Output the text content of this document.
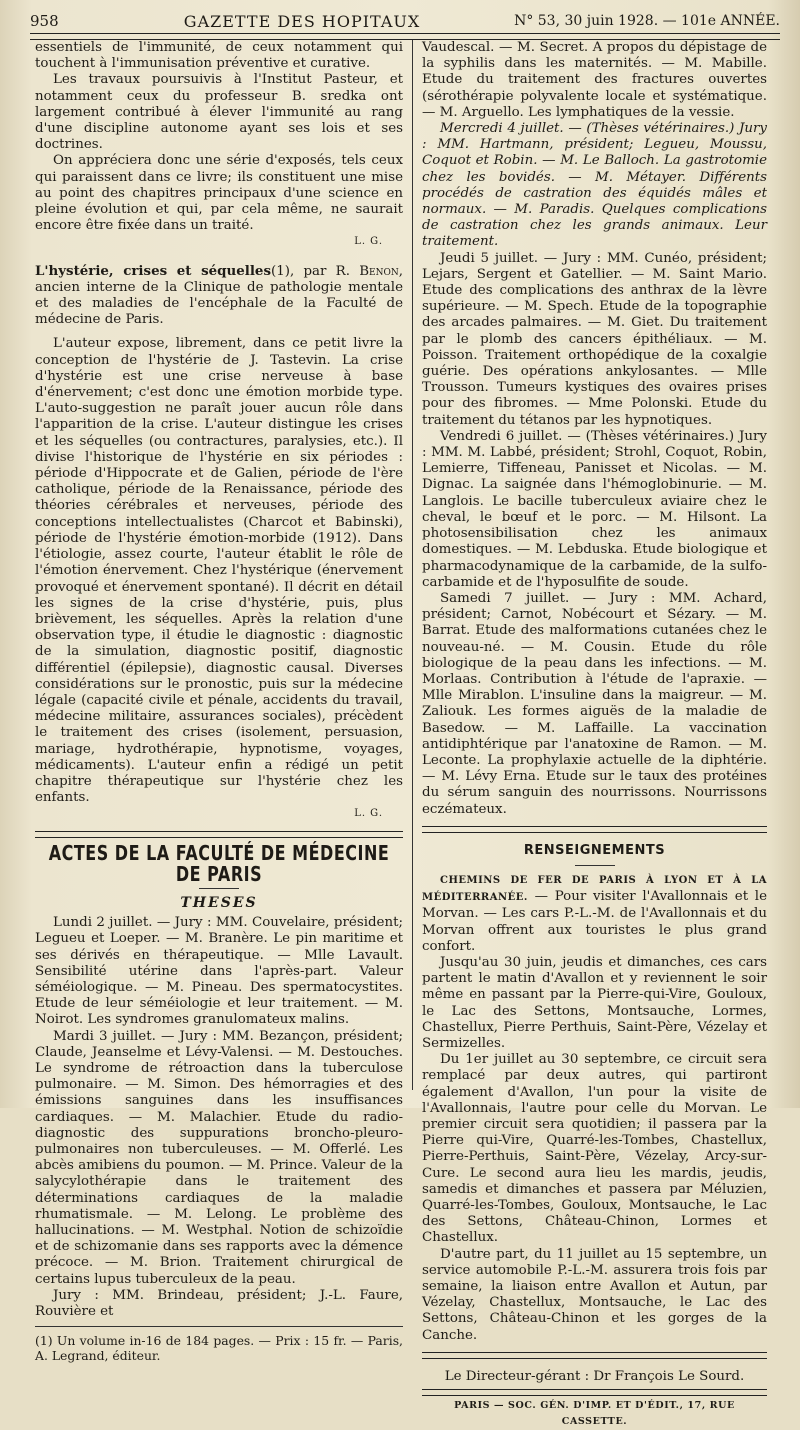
958	GAZETTE DES HOPITAUX	N° 53, 30 juin 1928. — 101e ANNÉE.

essentiels de l'immunité, de ceux notamment qui touchent à l'immunisation préventive et curative.

Les travaux poursuivis à l'Institut Pasteur, et notamment ceux du professeur B. sredka ont largement contribué à élever l'immunité au rang d'une discipline autonome ayant ses lois et ses doctrines.

On appréciera donc une série d'exposés, tels ceux qui paraissent dans ce livre; ils constituent une mise au point des chapitres principaux d'une science en pleine évolution et qui, par cela même, ne saurait encore être fixée dans un traité.

L. G.

L'hystérie, crises et séquelles(1), par R. Benon, ancien interne de la Clinique de pathologie mentale et des maladies de l'encéphale de la Faculté de médecine de Paris.

L'auteur expose, librement, dans ce petit livre la conception de l'hystérie de J. Tastevin. La crise d'hystérie est une crise nerveuse à base d'énervement; c'est donc une émotion morbide type. L'auto-suggestion ne paraît jouer aucun rôle dans l'apparition de la crise. L'auteur distingue les crises et les séquelles (ou contractures, paralysies, etc.). Il divise l'historique de l'hystérie en six périodes : période d'Hippocrate et de Galien, période de l'ère catholique, période de la Renaissance, période des théories cérébrales et nerveuses, période des conceptions intellectualistes (Charcot et Babinski), période de l'hystérie émotion-morbide (1912). Dans l'étiologie, assez courte, l'auteur établit le rôle de l'émotion énervement. Chez l'hystérique (énervement provoqué et énervement spontané). Il décrit en détail les signes de la crise d'hystérie, puis, plus brièvement, les séquelles. Après la relation d'une observation type, il étudie le diagnostic : diagnostic de la simulation, diagnostic positif, diagnostic différentiel (épilepsie), diagnostic causal. Diverses considérations sur le pronostic, puis sur la médecine légale (capacité civile et pénale, accidents du travail, médecine militaire, assurances sociales), précèdent le traitement des crises (isolement, persuasion, mariage, hydrothérapie, hypnotisme, voyages, médicaments). L'auteur enfin a rédigé un petit chapitre thérapeutique sur l'hystérie chez les enfants.

L. G.

ACTES DE LA FACULTÉ DE MÉDECINE DE PARIS
THESES

Lundi 2 juillet. — Jury : MM. Couvelaire, président; Legueu et Loeper. — M. Branère. Le pin maritime et ses dérivés en thérapeutique. — Mlle Lavault. Sensibilité utérine dans l'après-part. Valeur séméiologique. — M. Pineau. Des spermatocystites. Etude de leur séméiologie et leur traitement. — M. Noirot. Les syndromes granulomateux malins.

Mardi 3 juillet. — Jury : MM. Bezançon, président; Claude, Jeanselme et Lévy-Valensi. — M. Destouches. Le syndrome de rétroaction dans la tuberculose pulmonaire. — M. Simon. Des hémorragies et des émissions sanguines dans les insuffisances cardiaques. — M. Malachier. Etude du radio-diagnostic des suppurations broncho-pleuro-pulmonaires non tuberculeuses. — M. Offerlé. Les abcès amibiens du poumon. — M. Prince. Valeur de la salycylothérapie dans le traitement des déterminations cardiaques de la maladie rhumatismale. — M. Lelong. Le problème des hallucinations. — M. Westphal. Notion de schizoïdie et de schizomanie dans ses rapports avec la démence précoce. — M. Brion. Traitement chirurgical de certains lupus tuberculeux de la peau.

Jury : MM. Brindeau, président; J.-L. Faure, Rouvière et

(1) Un volume in-16 de 184 pages. — Prix : 15 fr. — Paris, A. Legrand, éditeur.

Vaudescal. — M. Secret. A propos du dépistage de la syphilis dans les maternités. — M. Mabille. Etude du traitement des fractures ouvertes (sérothérapie polyvalente locale et systématique. — M. Arguello. Les lymphatiques de la vessie.

Mercredi 4 juillet. — (Thèses vétérinaires.) Jury : MM. Hartmann, président; Legueu, Moussu, Coquot et Robin. — M. Le Balloch. La gastrotomie chez les bovidés. — M. Métayer. Différents procédés de castration des équidés mâles et normaux. — M. Paradis. Quelques complications de castration chez les grands animaux. Leur traitement.

Jeudi 5 juillet. — Jury : MM. Cunéo, président; Lejars, Sergent et Gatellier. — M. Saint Mario. Etude des complications des anthrax de la lèvre supérieure. — M. Spech. Etude de la topographie des arcades palmaires. — M. Giet. Du traitement par le plomb des cancers épithéliaux. — M. Poisson. Traitement orthopédique de la coxalgie guérie. Des opérations ankylosantes. — Mlle Trousson. Tumeurs kystiques des ovaires prises pour des fibromes. — Mme Polonski. Etude du traitement du tétanos par les hypnotiques.

Vendredi 6 juillet. — (Thèses vétérinaires.) Jury : MM. M. Labbé, président; Strohl, Coquot, Robin, Lemierre, Tiffeneau, Panisset et Nicolas. — M. Dignac. La saignée dans l'hémoglobinurie. — M. Langlois. Le bacille tuberculeux aviaire chez le cheval, le bœuf et le porc. — M. Hilsont. La photosensibilisation chez les animaux domestiques. — M. Lebduska. Etude biologique et pharmacodynamique de la carbamide, de la sulfo-carbamide et de l'hyposulfite de soude.

Samedi 7 juillet. — Jury : MM. Achard, président; Carnot, Nobécourt et Sézary. — M. Barrat. Etude des malformations cutanées chez le nouveau-né. — M. Cousin. Etude du rôle biologique de la peau dans les infections. — M. Morlaas. Contribution à l'étude de l'apraxie. — Mlle Mirablon. L'insuline dans la maigreur. — M. Zaliouk. Les formes aiguës de la maladie de Basedow. — M. Laffaille. La vaccination antidiphtérique par l'anatoxine de Ramon. — M. Leconte. La prophylaxie actuelle de la diphtérie. — M. Lévy Erna. Etude sur le taux des protéines du sérum sanguin des nourrissons. Nourrissons eczémateux.

RENSEIGNEMENTS

CHEMINS DE FER DE PARIS À LYON ET À LA MÉDITERRANÉE. — Pour visiter l'Avallonnais et le Morvan. — Les cars P.-L.-M. de l'Avallonnais et du Morvan offrent aux touristes le plus grand confort.

Jusqu'au 30 juin, jeudis et dimanches, ces cars partent le matin d'Avallon et y reviennent le soir même en passant par la Pierre-qui-Vire, Gouloux, le Lac des Settons, Montsauche, Lormes, Chastellux, Pierre Perthuis, Saint-Père, Vézelay et Sermizelles.

Du 1er juillet au 30 septembre, ce circuit sera remplacé par deux autres, qui partiront également d'Avallon, l'un pour la visite de l'Avallonnais, l'autre pour celle du Morvan. Le premier circuit sera quotidien; il passera par la Pierre qui-Vire, Quarré-les-Tombes, Chastellux, Pierre-Perthuis, Saint-Père, Vézelay, Arcy-sur-Cure. Le second aura lieu les mardis, jeudis, samedis et dimanches et passera par Méluzien, Quarré-les-Tombes, Gouloux, Montsauche, le Lac des Settons, Château-Chinon, Lormes et Chastellux.

D'autre part, du 11 juillet au 15 septembre, un service automobile P.-L.-M. assurera trois fois par semaine, la liaison entre Avallon et Autun, par Vézelay, Chastellux, Montsauche, le Lac des Settons, Château-Chinon et les gorges de la Canche.

Le Directeur-gérant : Dr François Le Sourd.

PARIS — SOC. GÉN. D'IMP. ET D'ÉDIT., 17, RUE CASSETTE.
